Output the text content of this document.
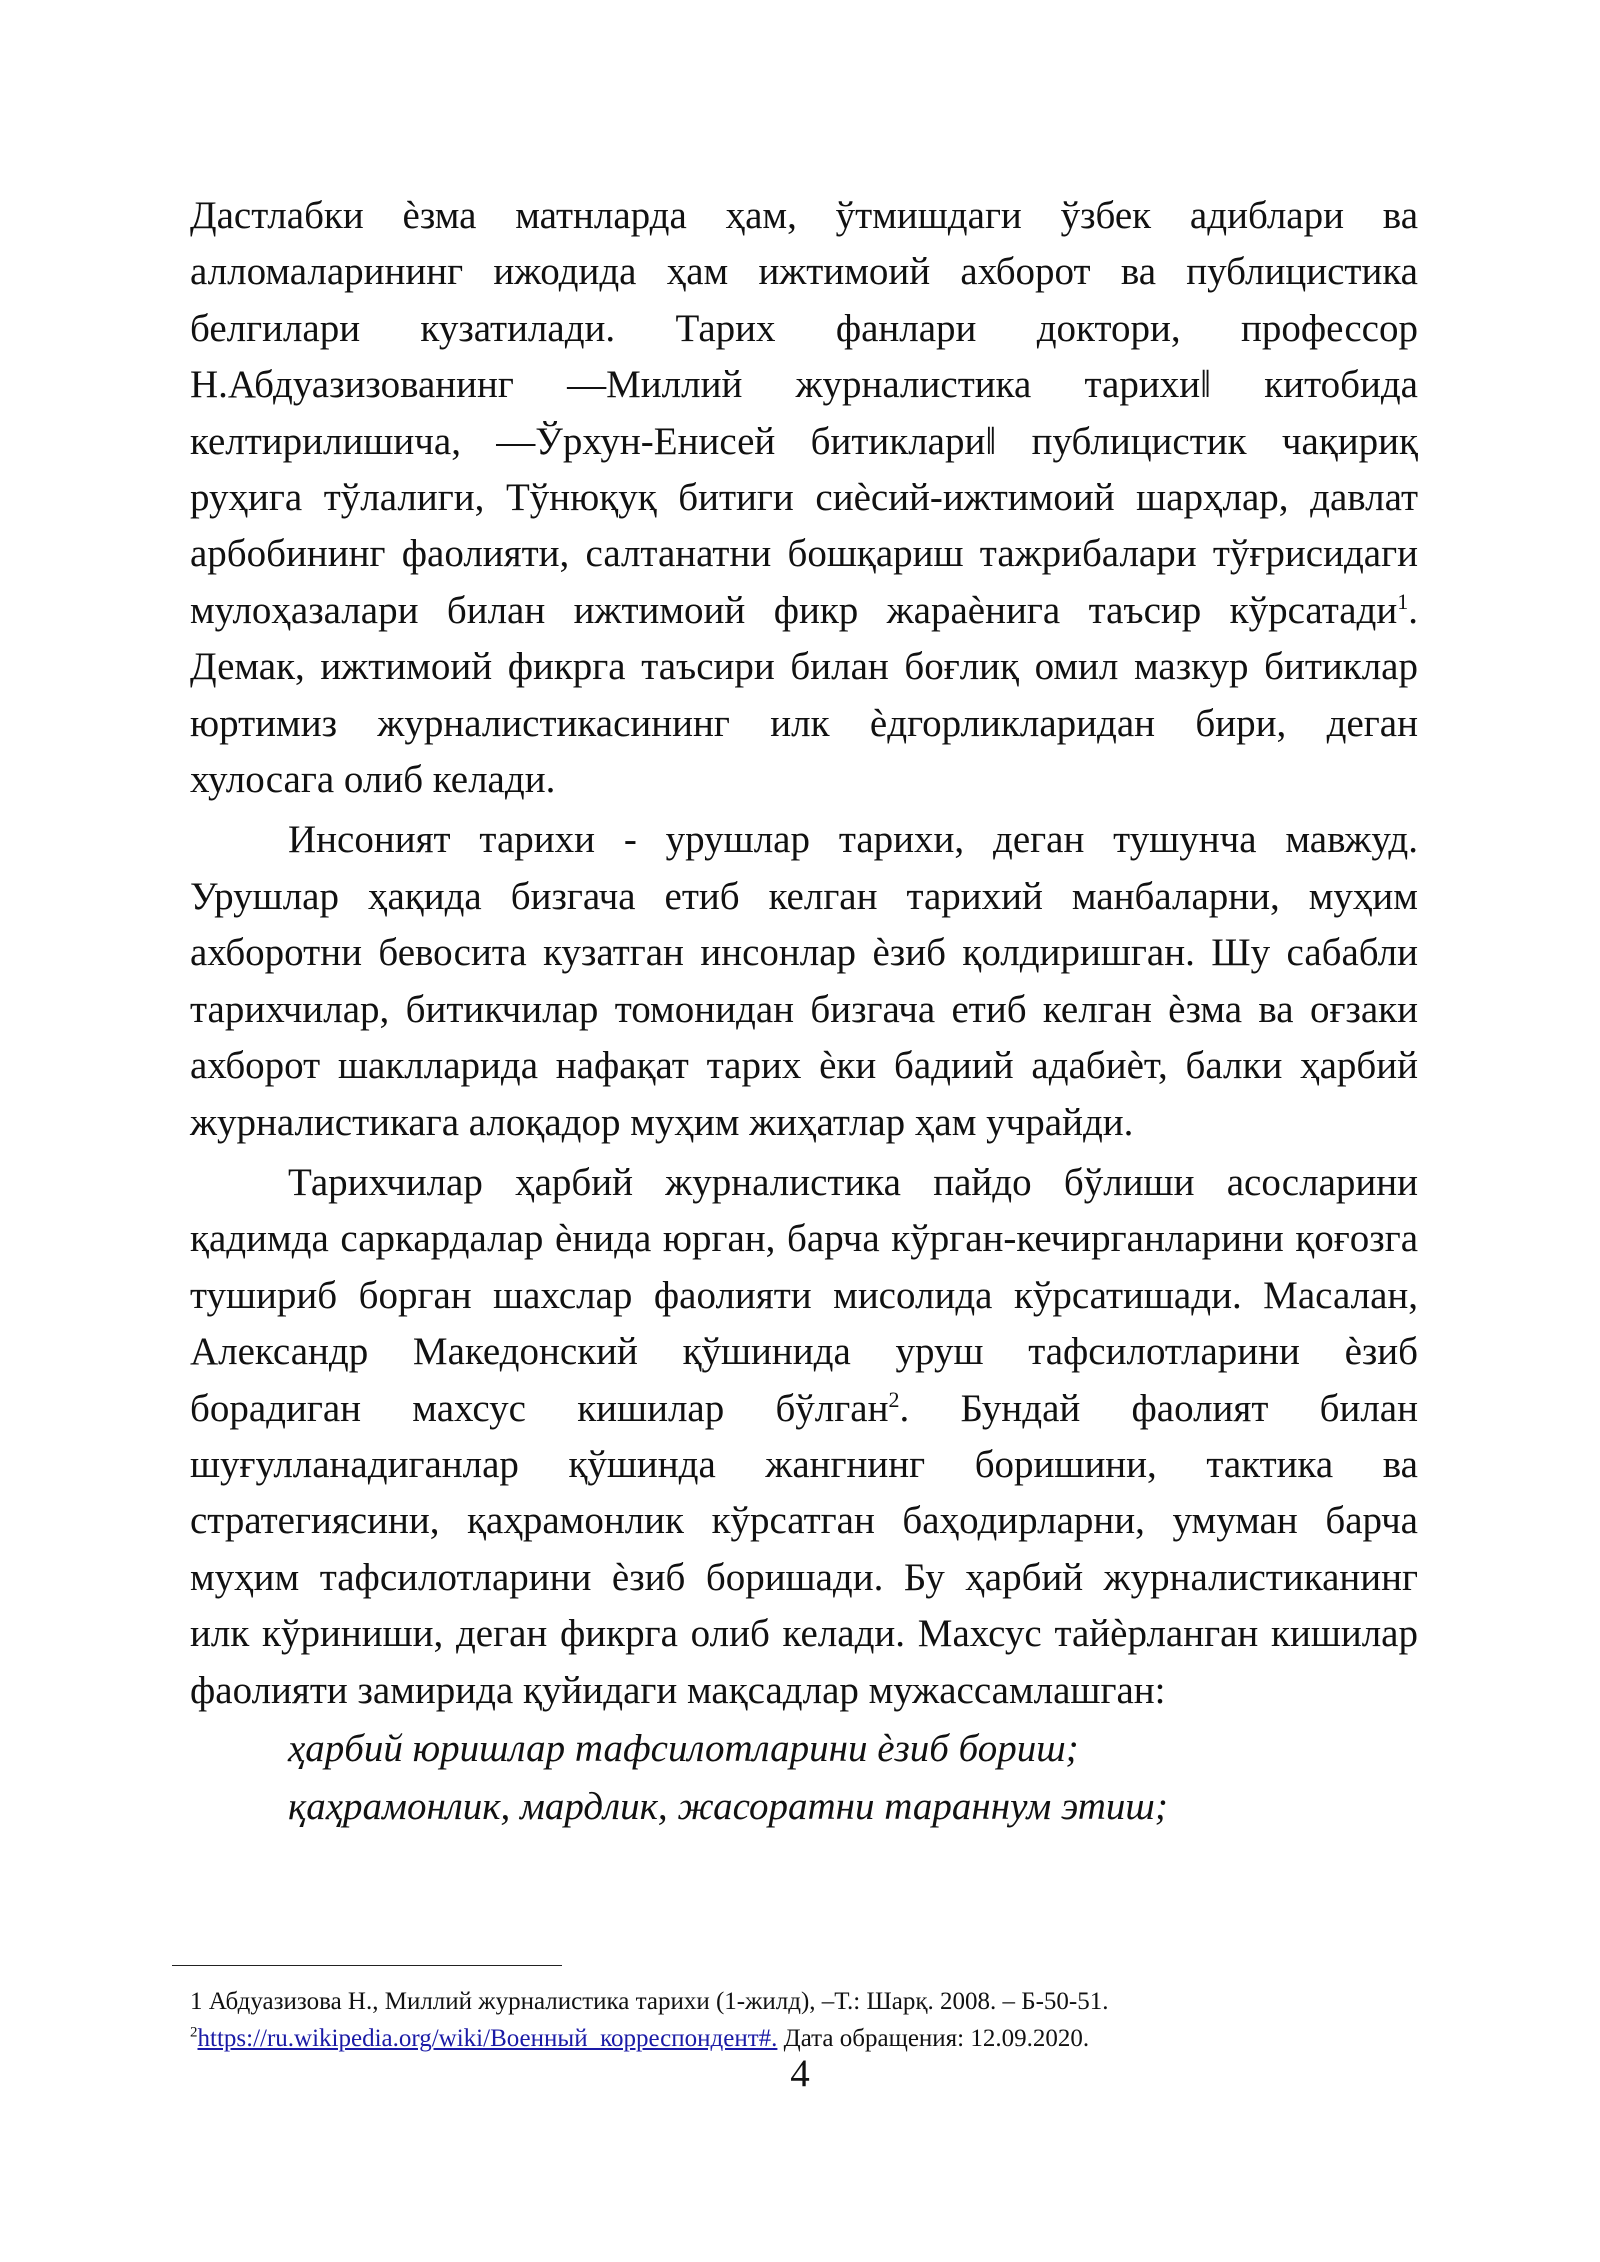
Дастлабки ѐзма матнларда ҳам, ўтмишдаги ўзбек адиблари ва алломаларининг ижодида ҳам ижтимоий ахборот ва публицистика белгилари кузатилади. Тарих фанлари доктори, профессор Н.Абдуазизованинг ―Миллий журналистика тарихи‖ китобида келтирилишича, ―Ўрхун-Енисей битиклари‖ публицистик чақириқ руҳига тўлалиги, Тўнюқуқ битиги сиѐсий-ижтимоий шарҳлар, давлат арбобининг фаолияти, салтанатни бошқариш тажрибалари тўғрисидаги мулоҳазалари билан ижтимоий фикр жараѐнига таъсир кўрсатади$^1$. Демак, ижтимоий фикрга таъсири билан боғлиқ омил мазкур битиклар юртимиз журналистикасининг илк ѐдгорликларидан бири, деган хулосага олиб келади.

Инсоният тарихи - урушлар тарихи, деган тушунча мавжуд. Урушлар ҳақида бизгача етиб келган тарихий манбаларни, муҳим ахборотни бевосита кузатган инсонлар ѐзиб қолдиришган. Шу сабабли тарихчилар, битикчилар томонидан бизгача етиб келган ѐзма ва оғзаки ахборот шаклларида нафақат тарих ѐки бадиий адабиѐт, балки ҳарбий журналистикага алоқадор муҳим жиҳатлар ҳам учрайди.

Тарихчилар ҳарбий журналистика пайдо бўлиши асосларини қадимда саркардалар ѐнида юрган, барча кўрган-кечирганларини қоғозга тушириб борган шахслар фаолияти мисолида кўрсатишади. Масалан, Александр Македонский қўшинида уруш тафсилотларини ѐзиб борадиган махсус кишилар бўлган$^2$. Бундай фаолият билан шуғулланадиганлар қўшинда жангнинг боришини, тактика ва стратегиясини, қаҳрамонлик кўрсатган баҳодирларни, умуман барча муҳим тафсилотларини ѐзиб боришади. Бу ҳарбий журналистиканинг илк кўриниши, деган фикрга олиб келади. Махсус тайѐрланган кишилар фаолияти замирида қуйидаги мақсадлар мужассамлашган:

ҳарбий юришлар тафсилотларини ѐзиб бориш;

қаҳрамонлик, мардлик, жасоратни тараннум этиш;

1 Абдуазизова Н., Миллий журналистика тарихи (1-жилд), –Т.: Шарқ. 2008. – Б-50-51.

$^2$https://ru.wikipedia.org/wiki/Военный_корреспондент#. Дата обращения: 12.09.2020.

4
